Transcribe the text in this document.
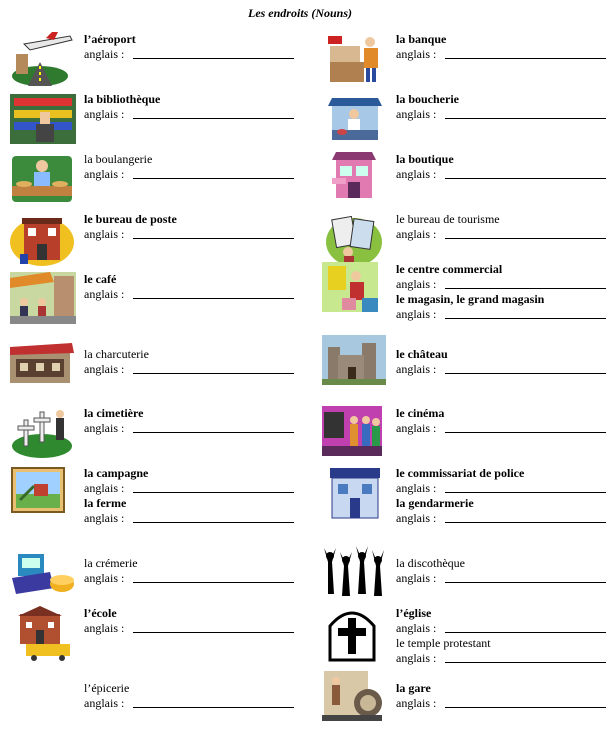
Les endroits (Nouns)
l’aéroport
anglais :
la bibliothèque
anglais :
la boulangerie
anglais :
le bureau de poste
anglais :
le café
anglais :
la charcuterie
anglais :
la cimetière
anglais :
la campagne
anglais :
la ferme
anglais :
la crémerie
anglais :
l’école
anglais :
l’épicerie
anglais :
la banque
anglais :
la boucherie
anglais :
la boutique
anglais :
le bureau de tourisme
anglais :
le centre commercial
anglais :
le magasin, le grand magasin
anglais :
le château
anglais :
le cinéma
anglais :
le commissariat de police
anglais :
la gendarmerie
anglais :
la discothèque
anglais :
l’église
anglais :
le temple protestant
anglais :
la gare
anglais :
